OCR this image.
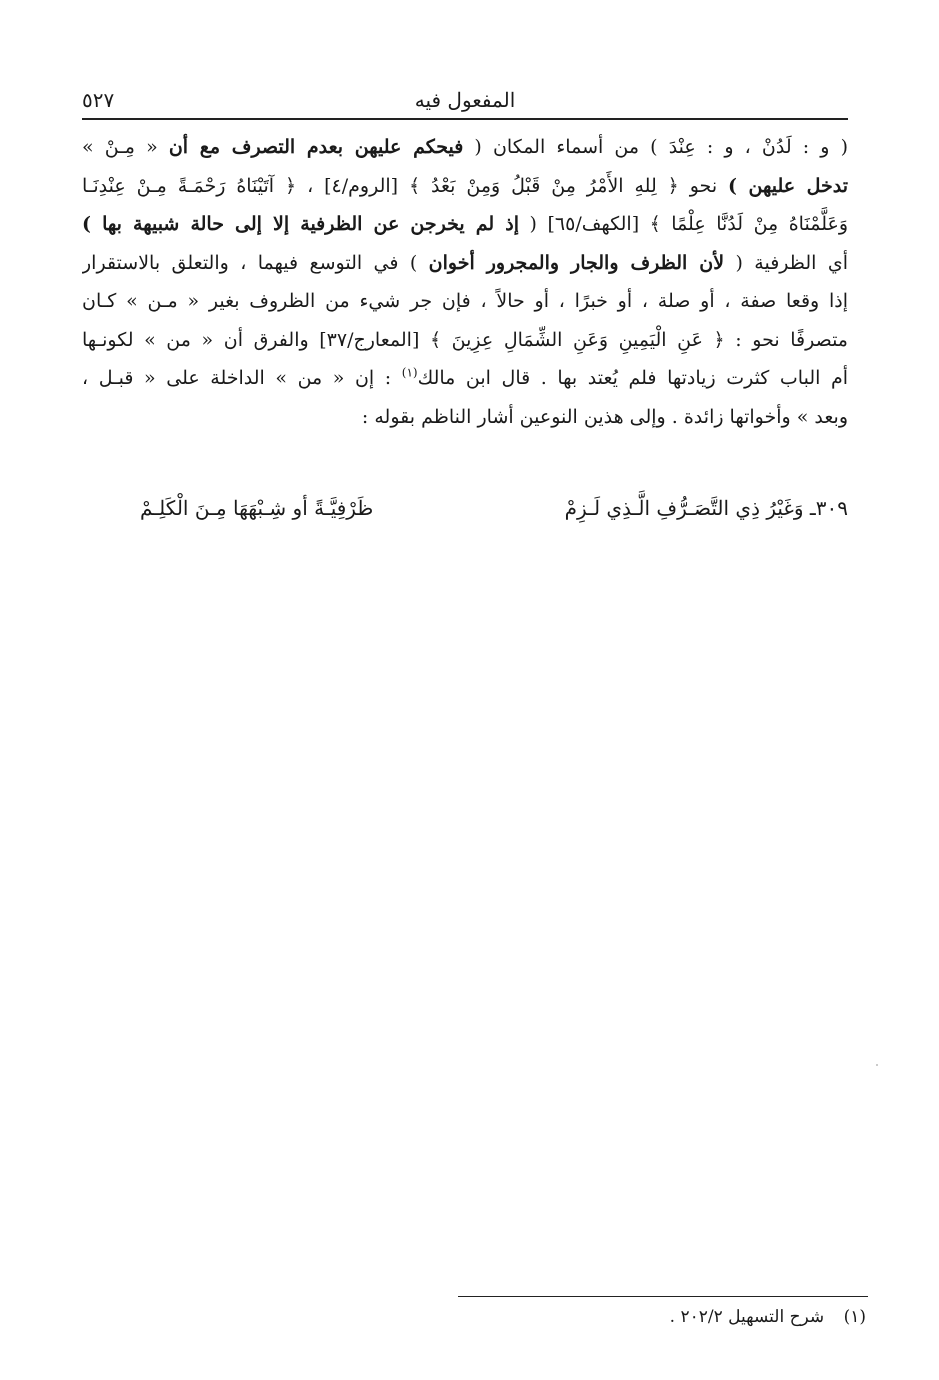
المفعول فيه
٥٢٧
( و : لَدُنْ ، و : عِنْدَ ) من أسماء المكان ( فيحكم عليهن بعدم التصرف مع أن « مِـنْ »
تدخل عليهن ) نحو ﴿ لِلهِ الأَمْرُ مِنْ قَبْلُ وَمِنْ بَعْدُ ﴾ [الروم/٤] ، ﴿ آتَيْنَاهُ رَحْمَـةً مِـنْ عِنْدِنَـا
وَعَلَّمْنَاهُ مِنْ لَدُنَّا عِلْمًا ﴾ [الكهف/٦٥] ( إذ لم يخرجن عن الظرفية إلا إلى حالة شبيهة بها )
أي الظرفية ( لأن الظرف والجار والمجرور أخوان ) في التوسع فيهما ، والتعلق بالاستقرار
إذا وقعا صفة ، أو صلة ، أو خبرًا ، أو حالاً ، فإن جر شيء من الظروف بغير « مـن » كـان
متصرفًا نحو : ﴿ عَنِ الْيَمِينِ وَعَنِ الشِّمَالِ عِزِينَ ﴾ [المعارج/٣٧] والفرق أن « من » لكونـها
أم الباب كثرت زيادتها فلم يُعتد بها . قال ابن مالك$^{(١)}$ : إن « من » الداخلة على « قبـل ،
وبعد » وأخواتها زائدة . وإلى هذين النوعين أشار الناظم بقوله :
٣٠٩ـ وَغَيْرُ ذِي التَّصَـرُّفِ الَّـذِي لَـزِمْ
ظَرْفِيَّـةً أو شِـبْهَهَا مِـنَ الْكَلِـمْ
(١) شرح التسهيل ٢٠٢/٢ .
